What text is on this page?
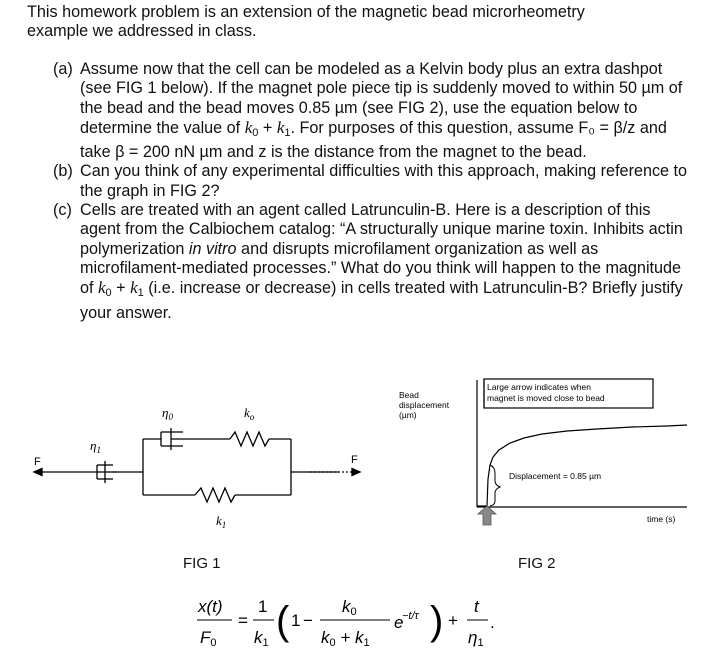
This homework problem is an extension of the magnetic bead microrheometry
example we addressed in class.
(a) Assume now that the cell can be modeled as a Kelvin body plus an extra dashpot (see FIG 1 below). If the magnet pole piece tip is suddenly moved to within 50 µm of the bead and the bead moves 0.85 µm (see FIG 2), use the equation below to determine the value of $k_0 + k_1$. For purposes of this question, assume F₀ = β/z and take β = 200 nN µm and z is the distance from the magnet to the bead.
(b) Can you think of any experimental difficulties with this approach, making reference to the graph in FIG 2?
(c) Cells are treated with an agent called Latrunculin-B. Here is a description of this agent from the Calbiochem catalog: “A structurally unique marine toxin. Inhibits actin polymerization in vitro and disrupts microfilament organization as well as microfilament-mediated processes.” What do you think will happen to the magnitude of $k_0 + k_1$ (i.e. increase or decrease) in cells treated with Latrunculin-B? Briefly justify your answer.
F	F
$\eta_1$
$\eta_0$	$k_o$
$k_1$
FIG 1
Bead
displacement
(µm)
Large arrow indicates when
magnet is moved close to bead
Displacement = 0.85 µm
time (s)
FIG 2
x(t)
F0
=
1
k1 ( 1 −
k0
k0 + k1
e
−t/τ ) +
t
η1
.
